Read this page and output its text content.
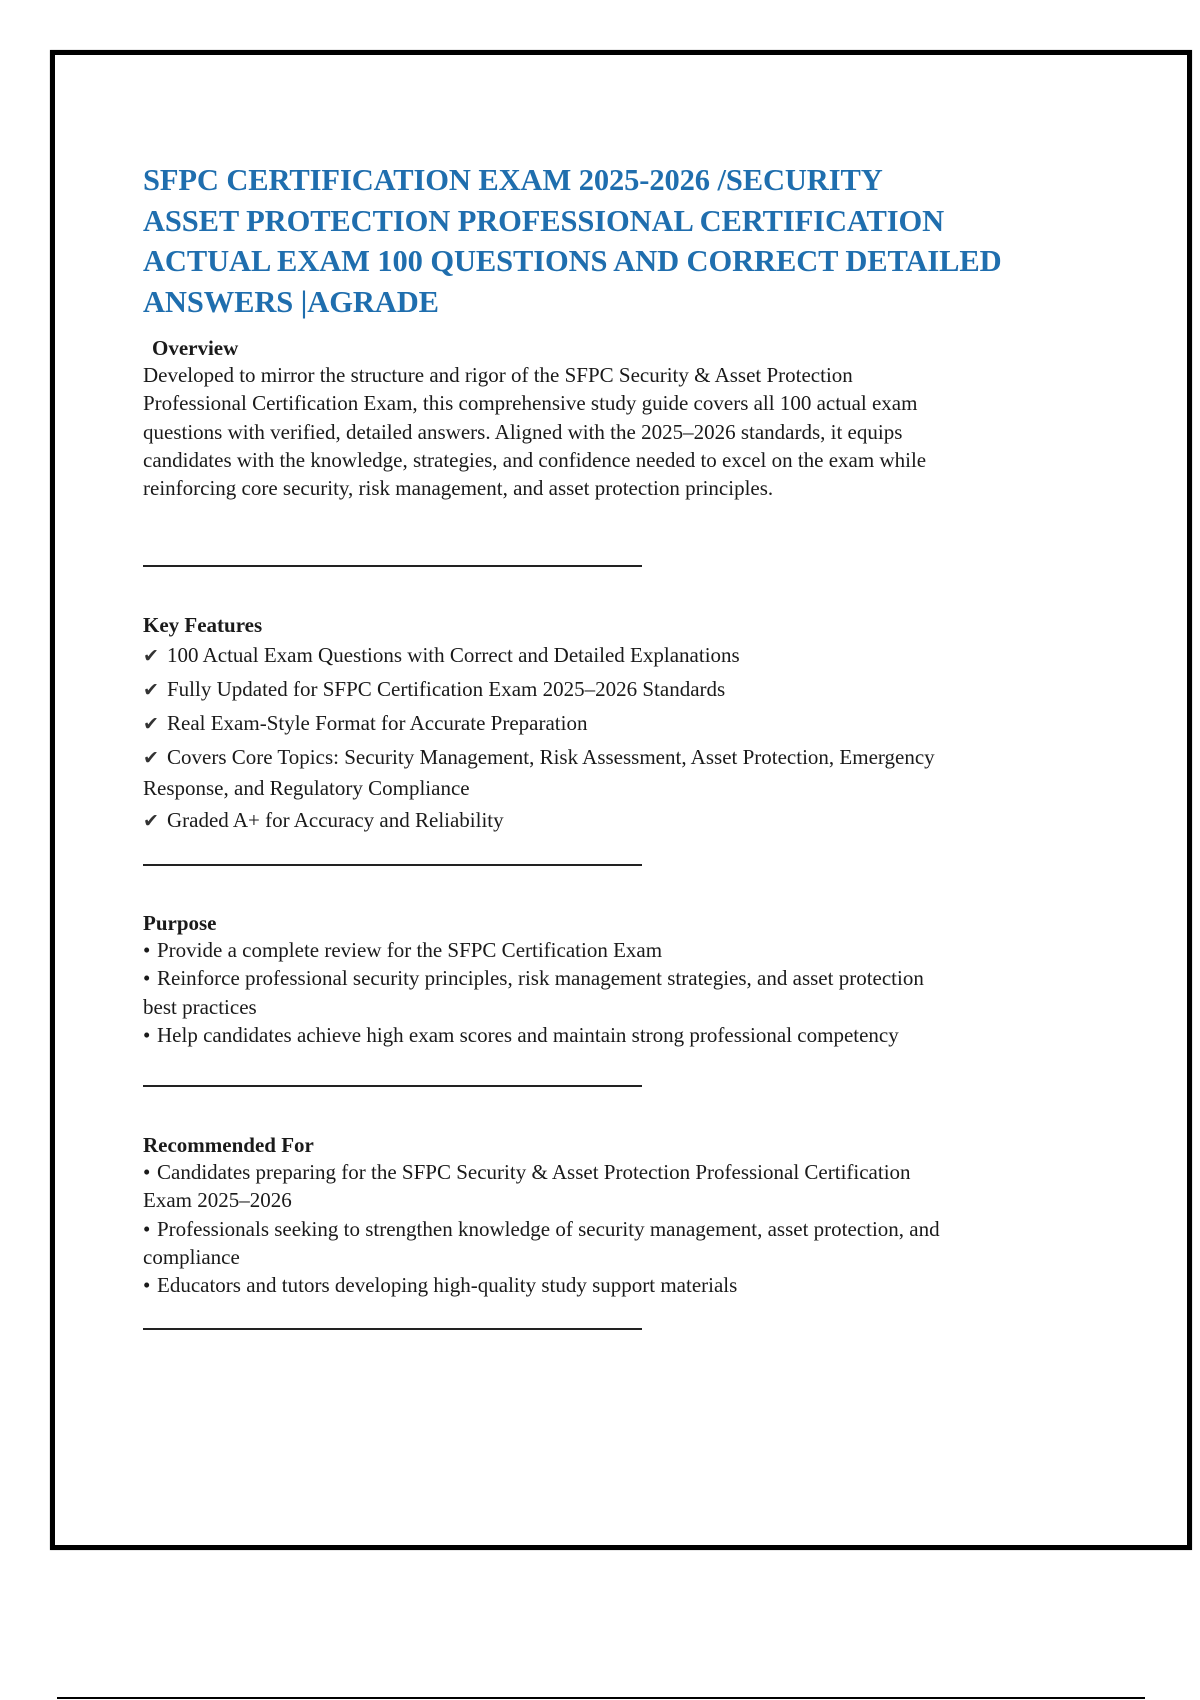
SFPC CERTIFICATION EXAM 2025-2026 /SECURITY
ASSET PROTECTION PROFESSIONAL CERTIFICATION
ACTUAL EXAM 100 QUESTIONS AND CORRECT DETAILED
ANSWERS |AGRADE
Overview

Developed to mirror the structure and rigor of the SFPC Security & Asset Protection
Professional Certification Exam, this comprehensive study guide covers all 100 actual exam
questions with verified, detailed answers. Aligned with the 2025–2026 standards, it equips
candidates with the knowledge, strategies, and confidence needed to excel on the exam while
reinforcing core security, risk management, and asset protection principles.

Key Features
✔︎ 100 Actual Exam Questions with Correct and Detailed Explanations
✔︎ Fully Updated for SFPC Certification Exam 2025–2026 Standards
✔︎ Real Exam-Style Format for Accurate Preparation
✔︎ Covers Core Topics: Security Management, Risk Assessment, Asset Protection, Emergency
Response, and Regulatory Compliance
✔︎ Graded A+ for Accuracy and Reliability
Purpose
• Provide a complete review for the SFPC Certification Exam
• Reinforce professional security principles, risk management strategies, and asset protection
best practices
• Help candidates achieve high exam scores and maintain strong professional competency
Recommended For
• Candidates preparing for the SFPC Security & Asset Protection Professional Certification
Exam 2025–2026
• Professionals seeking to strengthen knowledge of security management, asset protection, and
compliance
• Educators and tutors developing high-quality study support materials
